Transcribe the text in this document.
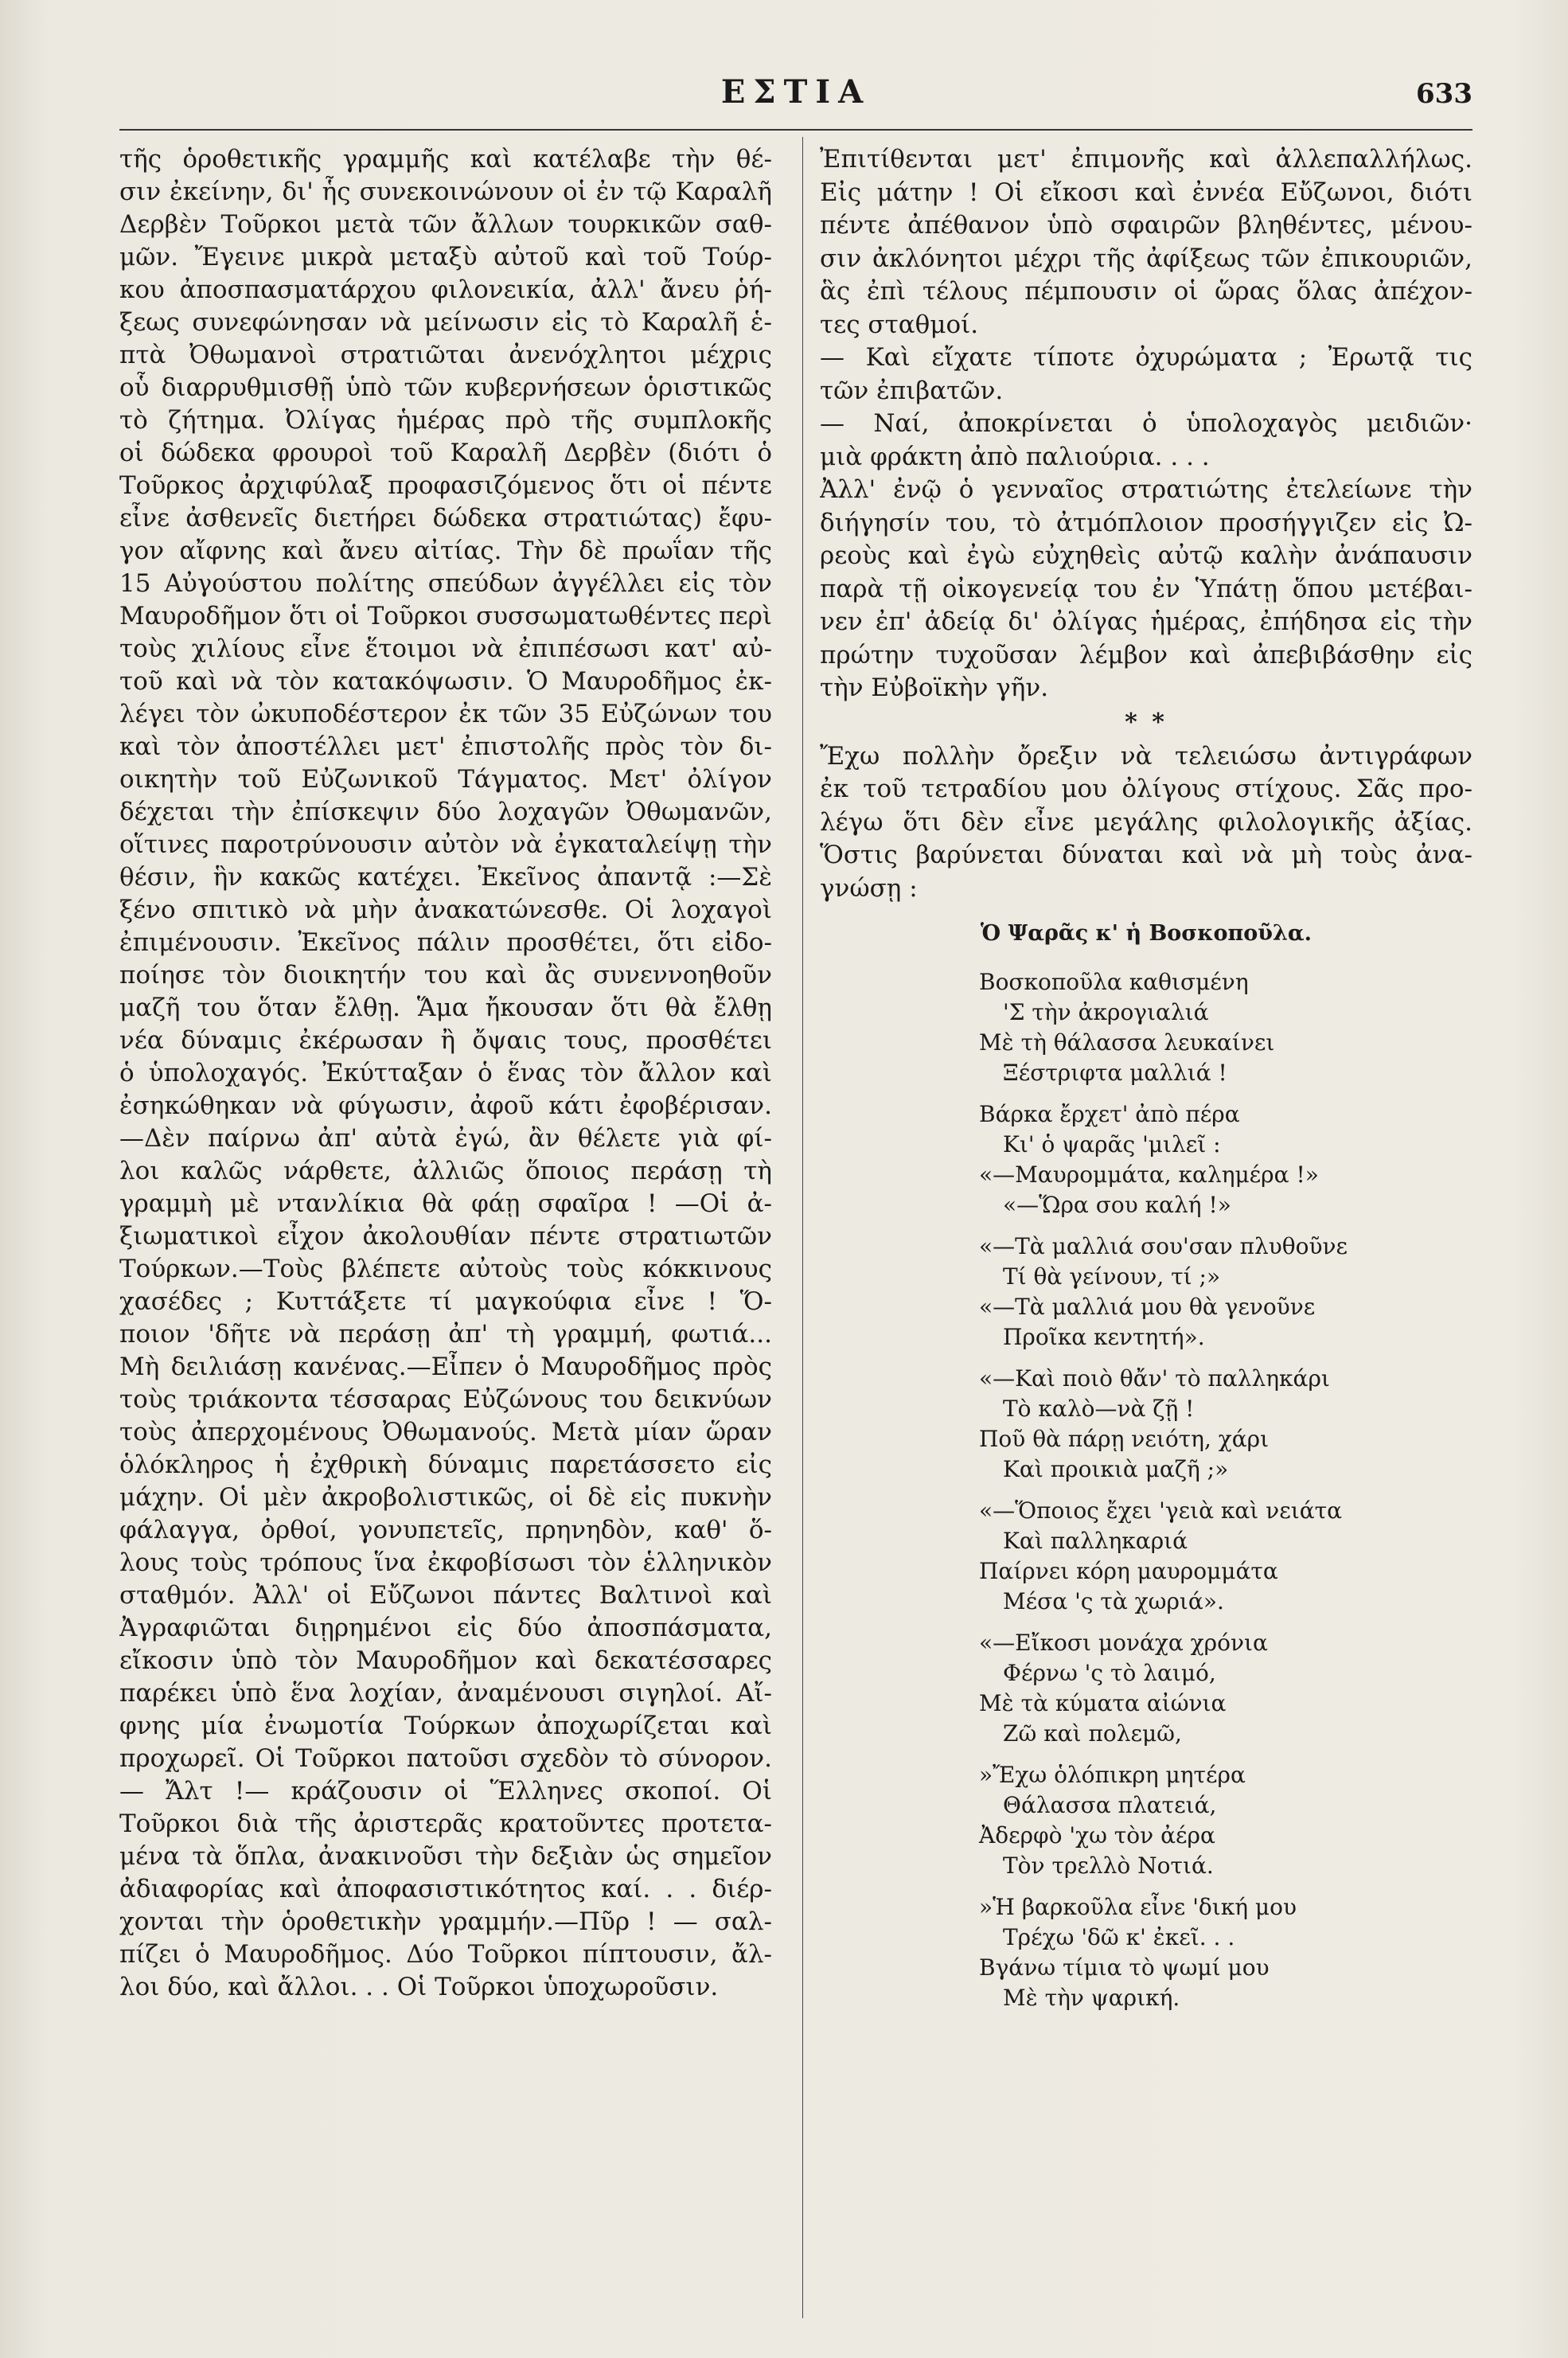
ΕΣΤΙΑ	633
τῆς ὁροθετικῆς γραμμῆς καὶ κατέλαβε τὴν θέ-
σιν ἐκείνην, δι' ἧς συνεκοινώνουν οἱ ἐν τῷ Καραλῆ
Δερβὲν Τοῦρκοι μετὰ τῶν ἄλλων τουρκικῶν σαθ-
μῶν. Ἔγεινε μικρὰ μεταξὺ αὐτοῦ καὶ τοῦ Τούρ-
κου ἀποσπασματάρχου φιλονεικία, ἀλλ' ἄνευ ῥή-
ξεως συνεφώνησαν νὰ μείνωσιν εἰς τὸ Καραλῆ ἑ-
πτὰ Ὀθωμανοὶ στρατιῶται ἀνενόχλητοι μέχρις
οὗ διαρρυθμισθῇ ὑπὸ τῶν κυβερνήσεων ὁριστικῶς
τὸ ζήτημα. Ὀλίγας ἡμέρας πρὸ τῆς συμπλοκῆς
οἱ δώδεκα φρουροὶ τοῦ Καραλῆ Δερβὲν (διότι ὁ
Τοῦρκος ἀρχιφύλαξ προφασιζόμενος ὅτι οἱ πέντε
εἶνε ἀσθενεῖς διετήρει δώδεκα στρατιώτας) ἔφυ-
γον αἴφνης καὶ ἄνευ αἰτίας. Τὴν δὲ πρωΐαν τῆς
15 Αὐγούστου πολίτης σπεύδων ἀγγέλλει εἰς τὸν
Μαυροδῆμον ὅτι οἱ Τοῦρκοι συσσωματωθέντες περὶ
τοὺς χιλίους εἶνε ἕτοιμοι νὰ ἐπιπέσωσι κατ' αὐ-
τοῦ καὶ νὰ τὸν κατακόψωσιν. Ὁ Μαυροδῆμος ἐκ-
λέγει τὸν ὠκυποδέστερον ἐκ τῶν 35 Εὐζώνων του
καὶ τὸν ἀποστέλλει μετ' ἐπιστολῆς πρὸς τὸν δι-
οικητὴν τοῦ Εὐζωνικοῦ Τάγματος. Μετ' ὀλίγον
δέχεται τὴν ἐπίσκεψιν δύο λοχαγῶν Ὀθωμανῶν,
οἵτινες παροτρύνουσιν αὐτὸν νὰ ἐγκαταλείψῃ τὴν
θέσιν, ἣν κακῶς κατέχει. Ἐκεῖνος ἀπαντᾷ :—Σὲ
ξένο σπιτικὸ νὰ μὴν ἀνακατώνεσθε. Οἱ λοχαγοὶ
ἐπιμένουσιν. Ἐκεῖνος πάλιν προσθέτει, ὅτι εἰδο-
ποίησε τὸν διοικητήν του καὶ ἂς συνεννοηθοῦν
μαζῆ του ὅταν ἔλθῃ. Ἅμα ἤκουσαν ὅτι θὰ ἔλθῃ
νέα δύναμις ἐκέρωσαν ἢ ὄψαις τους, προσθέτει
ὁ ὑπολοχαγός. Ἐκύτταξαν ὁ ἕνας τὸν ἄλλον καὶ
ἐσηκώθηκαν νὰ φύγωσιν, ἀφοῦ κάτι ἐφοβέρισαν.
—Δὲν παίρνω ἀπ' αὐτὰ ἐγώ, ἂν θέλετε γιὰ φί-
λοι καλῶς νάρθετε, ἀλλιῶς ὅποιος περάσῃ τὴ
γραμμὴ μὲ ντανλίκια θὰ φάῃ σφαῖρα ! —Οἱ ἀ-
ξιωματικοὶ εἶχον ἀκολουθίαν πέντε στρατιωτῶν
Τούρκων.—Τοὺς βλέπετε αὐτοὺς τοὺς κόκκινους
χασέδες ; Κυττάξετε τί μαγκούφια εἶνε ! Ὅ-
ποιον 'δῆτε νὰ περάσῃ ἀπ' τὴ γραμμή, φωτιά...
Μὴ δειλιάσῃ κανένας.—Εἶπεν ὁ Μαυροδῆμος πρὸς
τοὺς τριάκοντα τέσσαρας Εὐζώνους του δεικνύων
τοὺς ἀπερχομένους Ὀθωμανούς. Μετὰ μίαν ὥραν
ὁλόκληρος ἡ ἐχθρικὴ δύναμις παρετάσσετο εἰς
μάχην. Οἱ μὲν ἀκροβολιστικῶς, οἱ δὲ εἰς πυκνὴν
φάλαγγα, ὀρθοί, γονυπετεῖς, πρηνηδὸν, καθ' ὅ-
λους τοὺς τρόπους ἵνα ἐκφοβίσωσι τὸν ἑλληνικὸν
σταθμόν. Ἀλλ' οἱ Εὔζωνοι πάντες Βαλτινοὶ καὶ
Ἀγραφιῶται διῃρημένοι εἰς δύο ἀποσπάσματα,
εἴκοσιν ὑπὸ τὸν Μαυροδῆμον καὶ δεκατέσσαρες
παρέκει ὑπὸ ἕνα λοχίαν, ἀναμένουσι σιγηλοί. Αἴ-
φνης μία ἐνωμοτία Τούρκων ἀποχωρίζεται καὶ
προχωρεῖ. Οἱ Τοῦρκοι πατοῦσι σχεδὸν τὸ σύνορον.
— Ἄλτ !— κράζουσιν οἱ Ἕλληνες σκοποί. Οἱ
Τοῦρκοι διὰ τῆς ἀριστερᾶς κρατοῦντες προτετα-
μένα τὰ ὅπλα, ἀνακινοῦσι τὴν δεξιὰν ὡς σημεῖον
ἀδιαφορίας καὶ ἀποφασιστικότητος καί. . . διέρ-
χονται τὴν ὁροθετικὴν γραμμήν.—Πῦρ ! — σαλ-
πίζει ὁ Μαυροδῆμος. Δύο Τοῦρκοι πίπτουσιν, ἄλ-
λοι δύο, καὶ ἄλλοι. . . Οἱ Τοῦρκοι ὑποχωροῦσιν.
Ἐπιτίθενται μετ' ἐπιμονῆς καὶ ἀλλεπαλλήλως.
Εἰς μάτην ! Οἱ εἴκοσι καὶ ἐννέα Εὔζωνοι, διότι
πέντε ἀπέθανον ὑπὸ σφαιρῶν βληθέντες, μένου-
σιν ἀκλόνητοι μέχρι τῆς ἀφίξεως τῶν ἐπικουριῶν,
ἃς ἐπὶ τέλους πέμπουσιν οἱ ὥρας ὅλας ἀπέχον-
τες σταθμοί.
— Καὶ εἴχατε τίποτε ὀχυρώματα ; Ἐρωτᾷ τις
τῶν ἐπιβατῶν.
— Ναί, ἀποκρίνεται ὁ ὑπολοχαγὸς μειδιῶν·
μιὰ φράκτη ἀπὸ παλιούρια. . . .
Ἀλλ' ἐνῷ ὁ γενναῖος στρατιώτης ἐτελείωνε τὴν
διήγησίν του, τὸ ἀτμόπλοιον προσήγγιζεν εἰς Ὠ-
ρεοὺς καὶ ἐγὼ εὐχηθεὶς αὐτῷ καλὴν ἀνάπαυσιν
παρὰ τῇ οἰκογενείᾳ του ἐν Ὑπάτῃ ὅπου μετέβαι-
νεν ἐπ' ἀδείᾳ δι' ὀλίγας ἡμέρας, ἐπήδησα εἰς τὴν
πρώτην τυχοῦσαν λέμβον καὶ ἀπεβιβάσθην εἰς
τὴν Εὐβοϊκὴν γῆν.
* *
Ἔχω πολλὴν ὄρεξιν νὰ τελειώσω ἀντιγράφων
ἐκ τοῦ τετραδίου μου ὀλίγους στίχους. Σᾶς προ-
λέγω ὅτι δὲν εἶνε μεγάλης φιλολογικῆς ἀξίας.
Ὅστις βαρύνεται δύναται καὶ νὰ μὴ τοὺς ἀνα-
γνώσῃ :
Ὁ Ψαρᾶς κ' ἡ Βοσκοποῦλα.
Βοσκοποῦλα καθισμένη
'Σ τὴν ἀκρογιαλιά
Μὲ τὴ θάλασσα λευκαίνει
Ξέστριφτα μαλλιά !
Βάρκα ἔρχετ' ἀπὸ πέρα
Κι' ὁ ψαρᾶς 'μιλεῖ :
«—Μαυρομμάτα, καλημέρα !»
«—Ὥρα σου καλή !»
«—Τὰ μαλλιά σου'σαν πλυθοῦνε
Τί θὰ γείνουν, τί ;»
«—Τὰ μαλλιά μου θὰ γενοῦνε
Προῖκα κεντητή».
«—Καὶ ποιὸ θἄν' τὸ παλληκάρι
Τὸ καλὸ—νὰ ζῇ !
Ποῦ θὰ πάρῃ νειότη, χάρι
Καὶ προικιὰ μαζῆ ;»
«—Ὅποιος ἔχει 'γειὰ καὶ νειάτα
Καὶ παλληκαριά
Παίρνει κόρη μαυρομμάτα
Μέσα 'ς τὰ χωριά».
«—Εἴκοσι μονάχα χρόνια
Φέρνω 'ς τὸ λαιμό,
Μὲ τὰ κύματα αἰώνια
Ζῶ καὶ πολεμῶ,
»Ἔχω ὁλόπικρη μητέρα
Θάλασσα πλατειά,
Ἀδερφὸ 'χω τὸν ἀέρα
Τὸν τρελλὸ Νοτιά.
»Ἡ βαρκοῦλα εἶνε 'δική μου
Τρέχω 'δῶ κ' ἐκεῖ. . .
Βγάνω τίμια τὸ ψωμί μου
Μὲ τὴν ψαρική.
